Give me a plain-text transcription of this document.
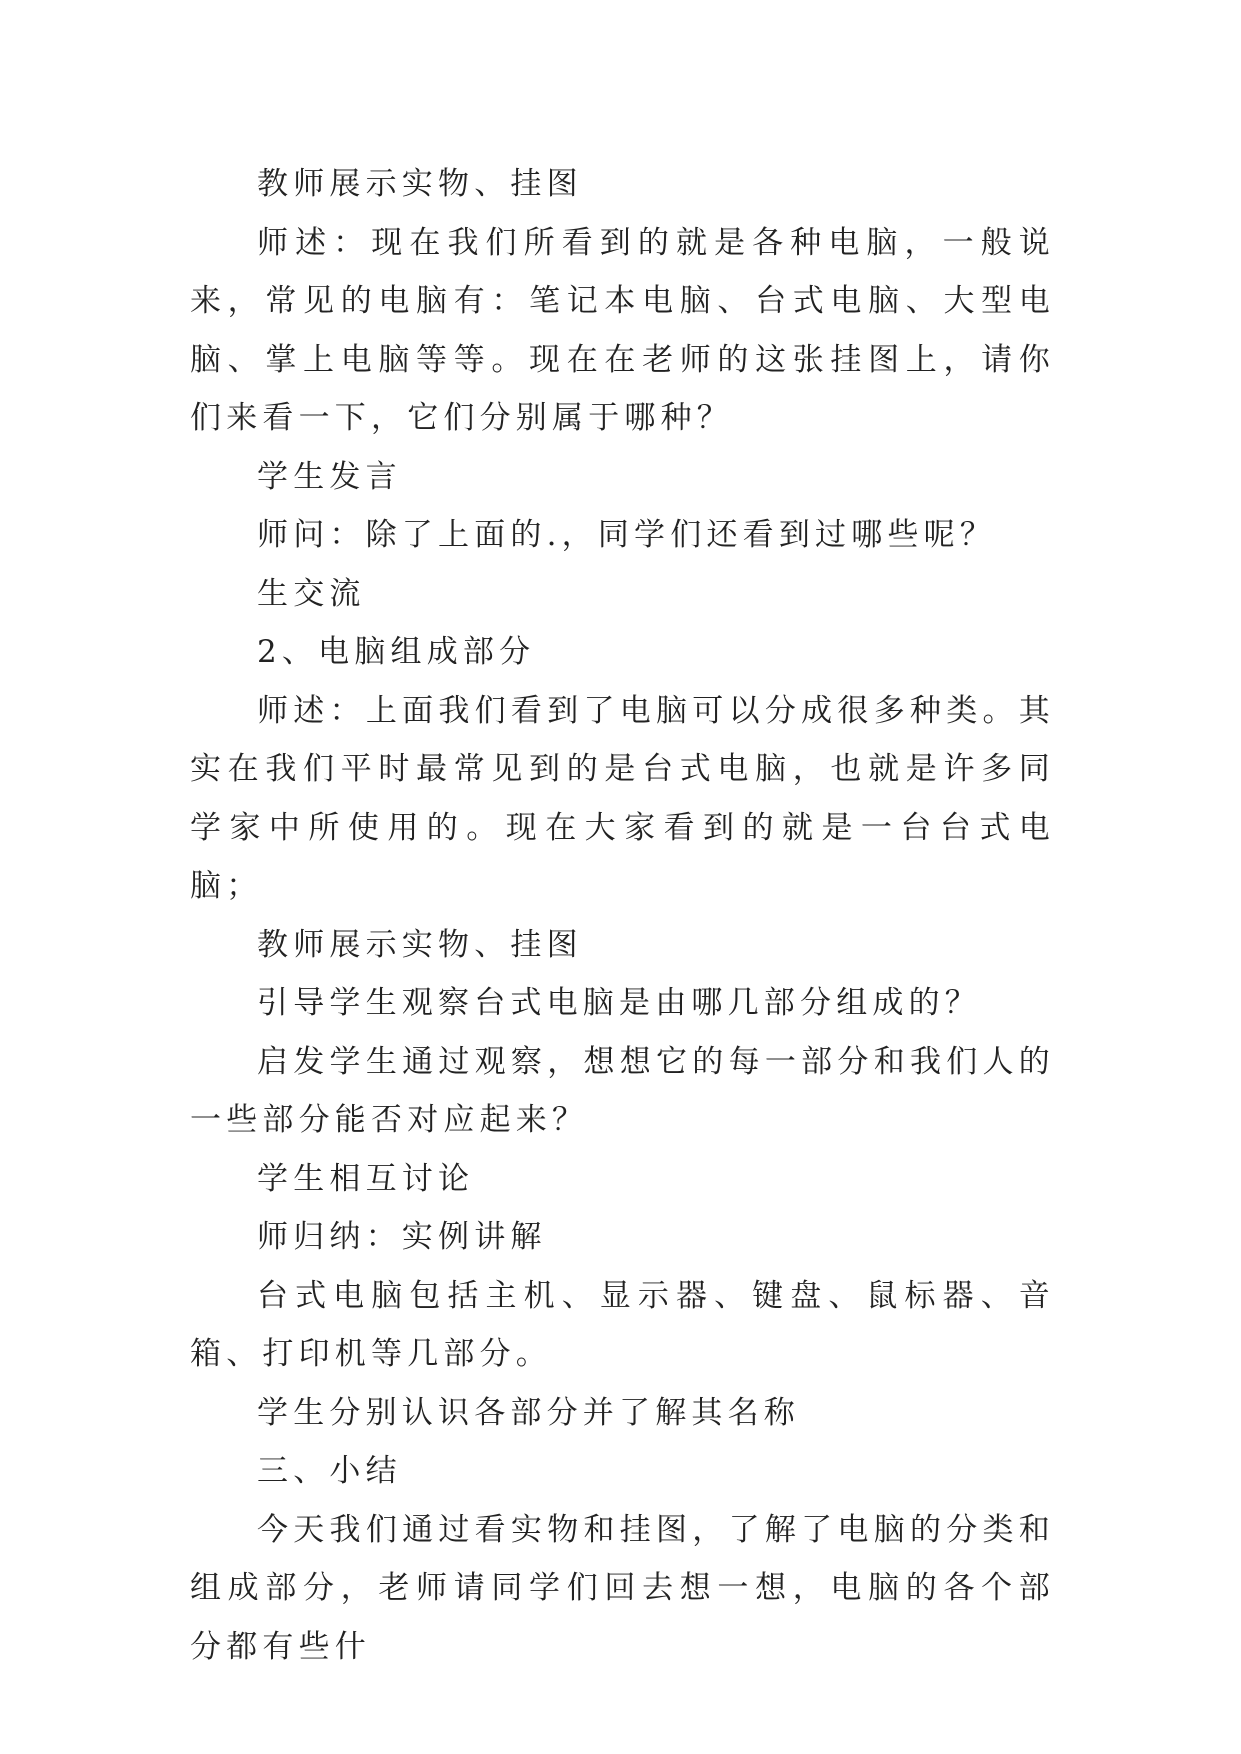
教师展示实物、挂图

师述：现在我们所看到的就是各种电脑，一般说来，常见的电脑有：笔记本电脑、台式电脑、大型电脑、掌上电脑等等。现在在老师的这张挂图上，请你们来看一下，它们分别属于哪种？

学生发言

师问：除了上面的.，同学们还看到过哪些呢？

生交流

2、电脑组成部分

师述：上面我们看到了电脑可以分成很多种类。其实在我们平时最常见到的是台式电脑，也就是许多同学家中所使用的。现在大家看到的就是一台台式电脑；

教师展示实物、挂图

引导学生观察台式电脑是由哪几部分组成的？

启发学生通过观察，想想它的每一部分和我们人的一些部分能否对应起来？

学生相互讨论

师归纳：实例讲解

台式电脑包括主机、显示器、键盘、鼠标器、音箱、打印机等几部分。

学生分别认识各部分并了解其名称

三、小结

今天我们通过看实物和挂图，了解了电脑的分类和组成部分，老师请同学们回去想一想，电脑的各个部分都有些什
